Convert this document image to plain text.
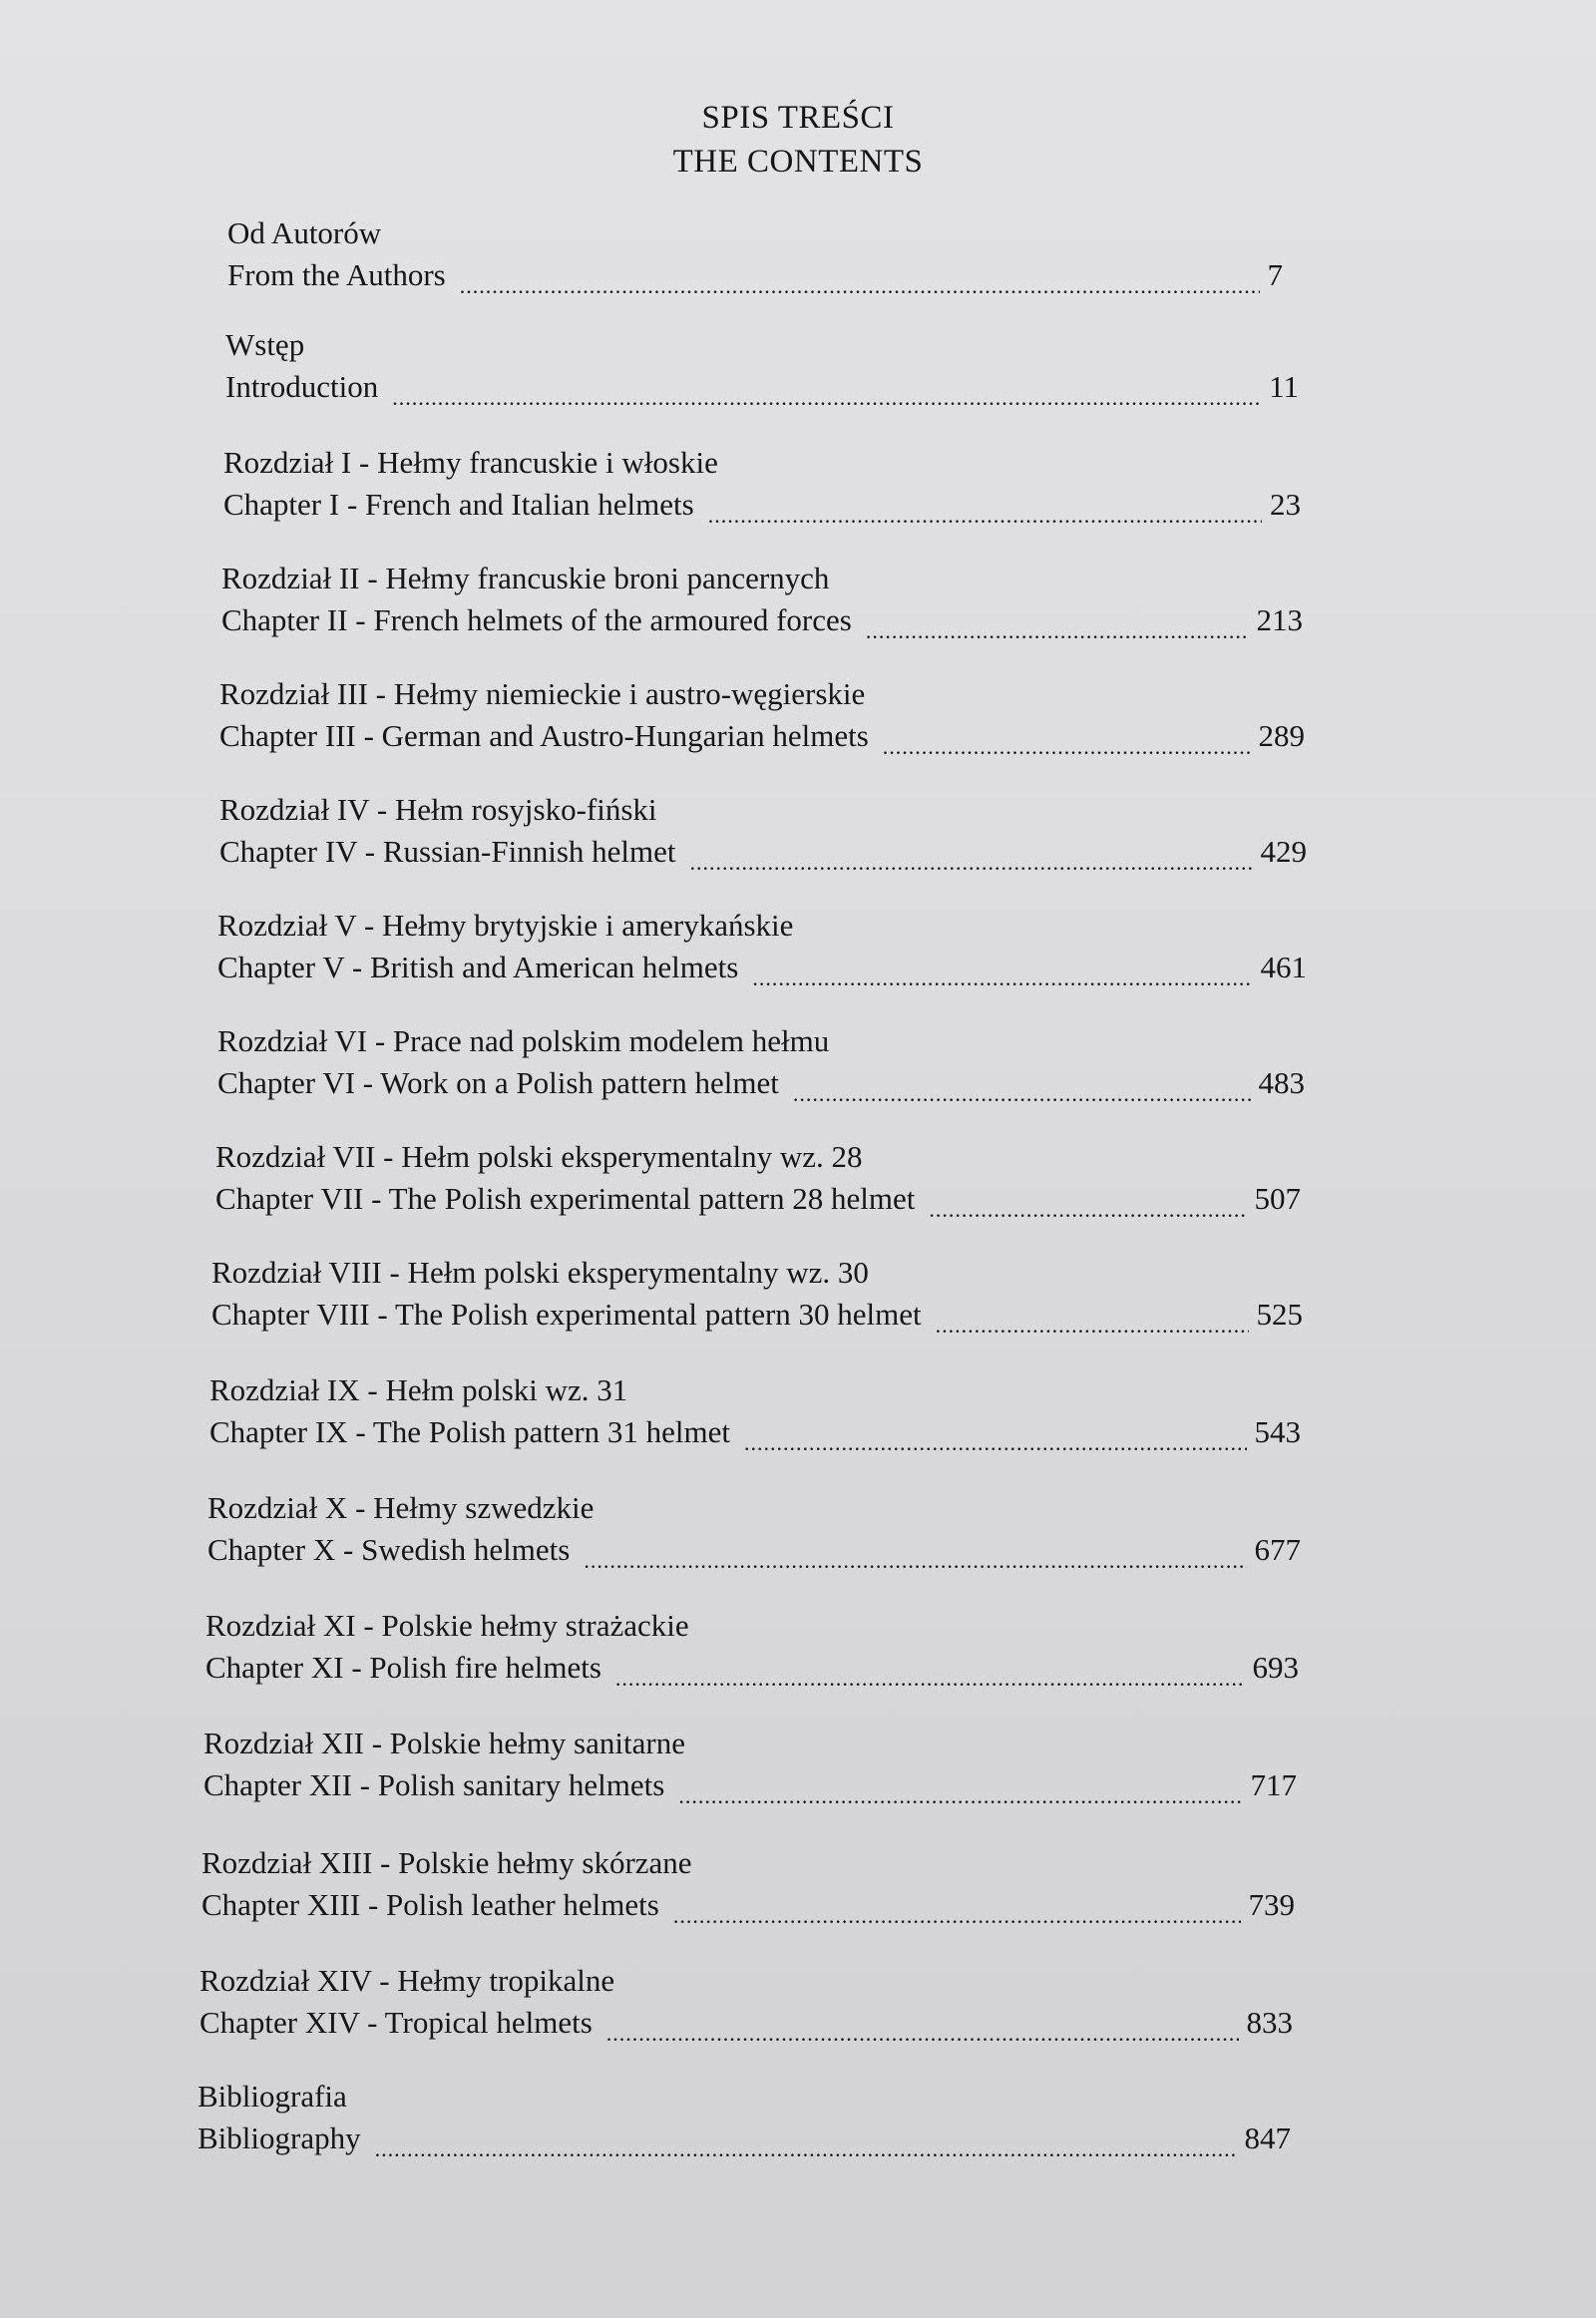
SPIS TREŚCI
THE CONTENTS
Od Autorów
From the Authors .....	7
Wstęp
Introduction .....	11
Rozdział I - Hełmy francuskie i włoskie
Chapter I - French and Italian helmets .....	23
Rozdział II - Hełmy francuskie broni pancernych
Chapter II - French helmets of the armoured forces .....	213
Rozdział III - Hełmy niemieckie i austro-węgierskie
Chapter III - German and Austro-Hungarian helmets .....	289
Rozdział IV - Hełm rosyjsko-fiński
Chapter IV - Russian-Finnish helmet .....	429
Rozdział V - Hełmy brytyjskie i amerykańskie
Chapter V - British and American helmets .....	461
Rozdział VI - Prace nad polskim modelem hełmu
Chapter VI - Work on a Polish pattern helmet .....	483
Rozdział VII - Hełm polski eksperymentalny wz. 28
Chapter VII - The Polish experimental pattern 28 helmet .....	507
Rozdział VIII - Hełm polski eksperymentalny wz. 30
Chapter VIII - The Polish experimental pattern 30 helmet .....	525
Rozdział IX - Hełm polski wz. 31
Chapter IX - The Polish pattern 31 helmet .....	543
Rozdział X - Hełmy szwedzkie
Chapter X - Swedish helmets .....	677
Rozdział XI - Polskie hełmy strażackie
Chapter XI - Polish fire helmets .....	693
Rozdział XII - Polskie hełmy sanitarne
Chapter XII - Polish sanitary helmets .....	717
Rozdział XIII - Polskie hełmy skórzane
Chapter XIII - Polish leather helmets .....	739
Rozdział XIV - Hełmy tropikalne
Chapter XIV - Tropical helmets .....	833
Bibliografia
Bibliography .....	847
